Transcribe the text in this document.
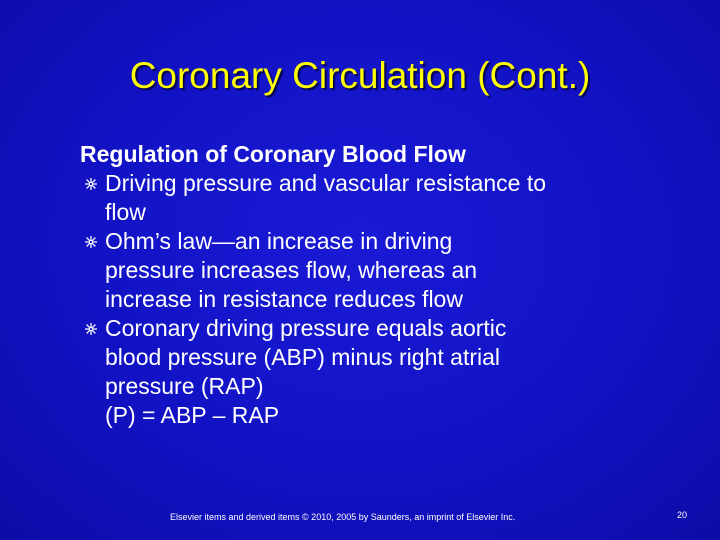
Coronary Circulation (Cont.)
Regulation of Coronary Blood Flow
Driving pressure and vascular resistance to
flow
Ohm’s law—an increase in driving
pressure increases flow, whereas an
increase in resistance reduces flow
Coronary driving pressure equals aortic
blood pressure (ABP) minus right atrial
pressure (RAP)
(P) = ABP – RAP
Elsevier items and derived items © 2010, 2005 by Saunders, an imprint of Elsevier Inc.	20
